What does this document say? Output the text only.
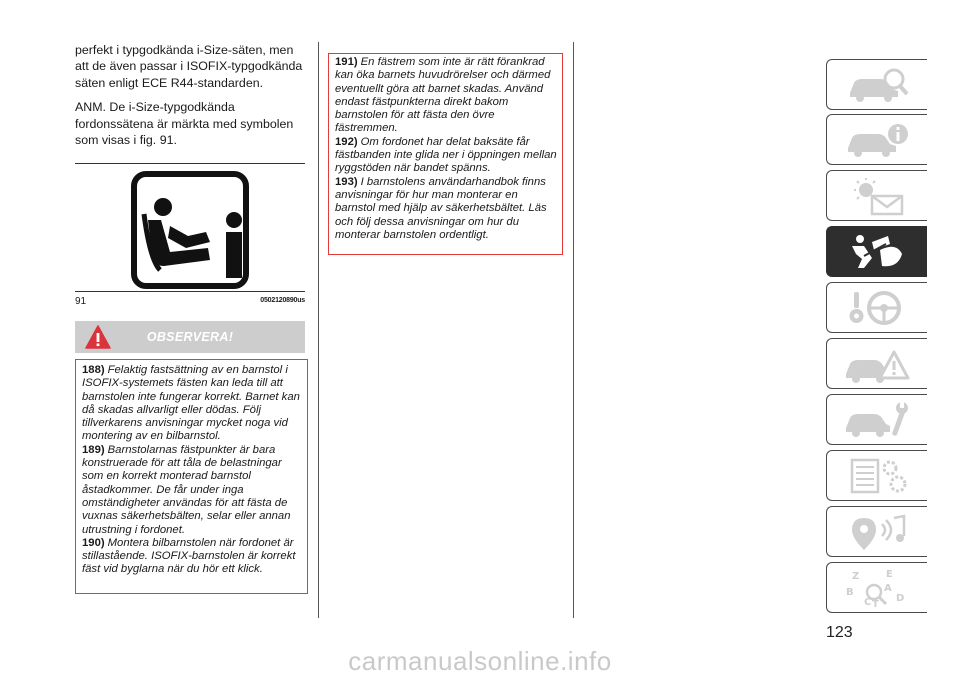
perfekt i typgodkända i-Size-säten, men att de även passar i ISOFIX-typgodkända säten enligt ECE R44-standarden.

ANM. De i-Size-typgodkända fordonssätena är märkta med symbolen som visas i fig. 91.

91	0502120890us
OBSERVERA!

188) Felaktig fastsättning av en barnstol i ISOFIX-systemets fästen kan leda till att barnstolen inte fungerar korrekt. Barnet kan då skadas allvarligt eller dödas. Följ tillverkarens anvisningar mycket noga vid montering av en bilbarnstol.

189) Barnstolarnas fästpunkter är bara konstruerade för att tåla de belastningar som en korrekt monterad barnstol åstadkommer. De får under inga omständigheter användas för att fästa de vuxnas säkerhetsbälten, selar eller annan utrustning i fordonet.

190) Montera bilbarnstolen när fordonet är stillastående. ISOFIX-barnstolen är korrekt fäst vid byglarna när du hör ett klick.

191) En fästrem som inte är rätt förankrad kan öka barnets huvudrörelser och därmed eventuellt göra att barnet skadas. Använd endast fästpunkterna direkt bakom barnstolen för att fästa den övre fästremmen.

192) Om fordonet har delat baksäte får fästbanden inte glida ner i öppningen mellan ryggstöden när bandet spänns.

193) I barnstolens användarhandbok finns anvisningar för hur man monterar en barnstol med hjälp av säkerhetsbältet. Läs och följ dessa anvisningar om hur du monterar barnstolen ordentligt.

Z	E
B	A
C D
T
123
carmanualsonline.info
